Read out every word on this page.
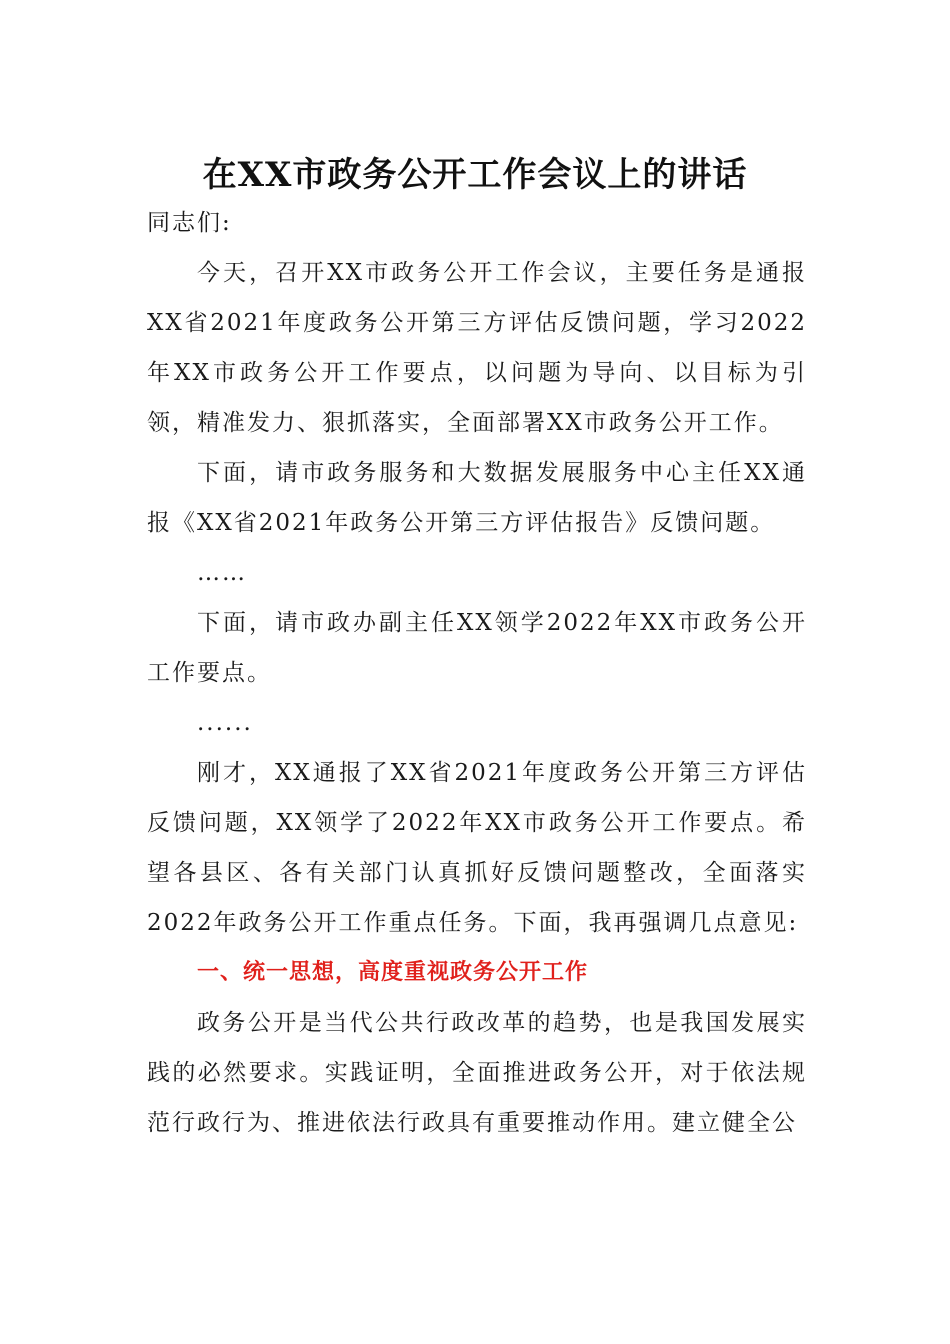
在XX市政务公开工作会议上的讲话

同志们:

今天，召开XX市政务公开工作会议，主要任务是通报XX省2021年度政务公开第三方评估反馈问题，学习2022年XX市政务公开工作要点，以问题为导向、以目标为引领，精准发力、狠抓落实，全面部署XX市政务公开工作。

下面，请市政务服务和大数据发展服务中心主任XX通报《XX省2021年政务公开第三方评估报告》反馈问题。

……

下面，请市政办副主任XX领学2022年XX市政务公开工作要点。

......

刚才，XX通报了XX省2021年度政务公开第三方评估反馈问题，XX领学了2022年XX市政务公开工作要点。希望各县区、各有关部门认真抓好反馈问题整改，全面落实2022年政务公开工作重点任务。下面，我再强调几点意见:

一、统一思想，高度重视政务公开工作

政务公开是当代公共行政改革的趋势，也是我国发展实践的必然要求。实践证明，全面推进政务公开，对于依法规范行政行为、推进依法行政具有重要推动作用。建立健全公
